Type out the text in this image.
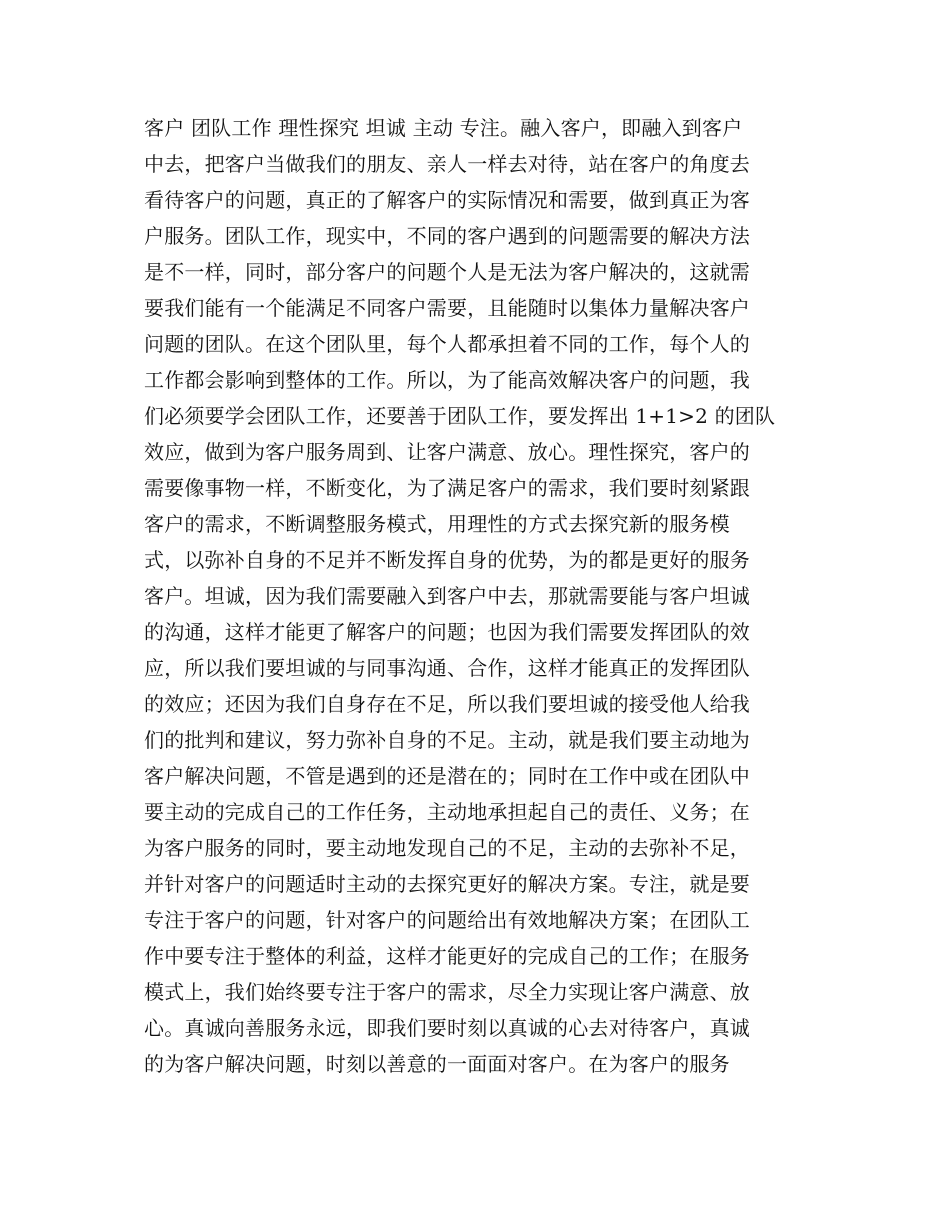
客户 团队工作 理性探究 坦诚 主动 专注。融入客户，即融入到客户
中去，把客户当做我们的朋友、亲人一样去对待，站在客户的角度去
看待客户的问题，真正的了解客户的实际情况和需要，做到真正为客
户服务。团队工作，现实中，不同的客户遇到的问题需要的解决方法
是不一样，同时，部分客户的问题个人是无法为客户解决的，这就需
要我们能有一个能满足不同客户需要，且能随时以集体力量解决客户
问题的团队。在这个团队里，每个人都承担着不同的工作，每个人的
工作都会影响到整体的工作。所以，为了能高效解决客户的问题，我
们必须要学会团队工作，还要善于团队工作，要发挥出 1+1>2 的团队
效应，做到为客户服务周到、让客户满意、放心。理性探究，客户的
需要像事物一样，不断变化，为了满足客户的需求，我们要时刻紧跟
客户的需求，不断调整服务模式，用理性的方式去探究新的服务模
式，以弥补自身的不足并不断发挥自身的优势，为的都是更好的服务
客户。坦诚，因为我们需要融入到客户中去，那就需要能与客户坦诚
的沟通，这样才能更了解客户的问题；也因为我们需要发挥团队的效
应，所以我们要坦诚的与同事沟通、合作，这样才能真正的发挥团队
的效应；还因为我们自身存在不足，所以我们要坦诚的接受他人给我
们的批判和建议，努力弥补自身的不足。主动，就是我们要主动地为
客户解决问题，不管是遇到的还是潜在的；同时在工作中或在团队中
要主动的完成自己的工作任务，主动地承担起自己的责任、义务；在
为客户服务的同时，要主动地发现自己的不足，主动的去弥补不足，
并针对客户的问题适时主动的去探究更好的解决方案。专注，就是要
专注于客户的问题，针对客户的问题给出有效地解决方案；在团队工
作中要专注于整体的利益，这样才能更好的完成自己的工作；在服务
模式上，我们始终要专注于客户的需求，尽全力实现让客户满意、放
心。真诚向善服务永远，即我们要时刻以真诚的心去对待客户，真诚
的为客户解决问题，时刻以善意的一面面对客户。在为客户的服务
